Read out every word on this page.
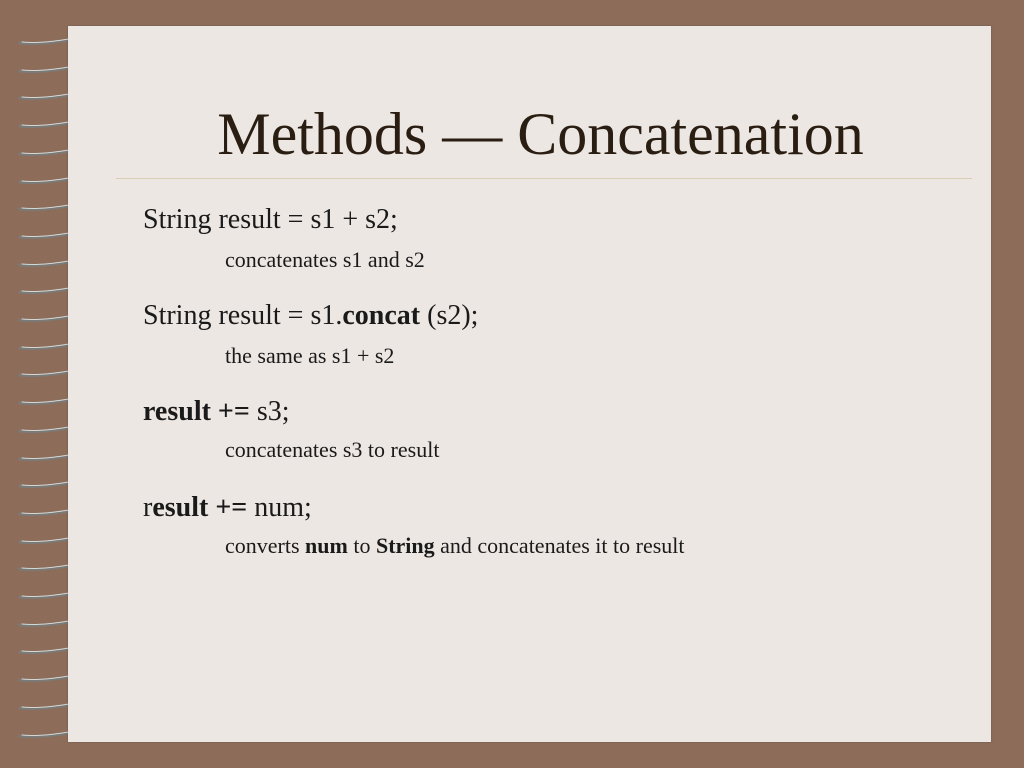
Methods — Concatenation
String result = s1 + s2;
concatenates s1 and s2
String result = s1.concat (s2);
the same as s1 + s2
result += s3;
concatenates s3 to result
result += num;
converts num to String and concatenates it to result
